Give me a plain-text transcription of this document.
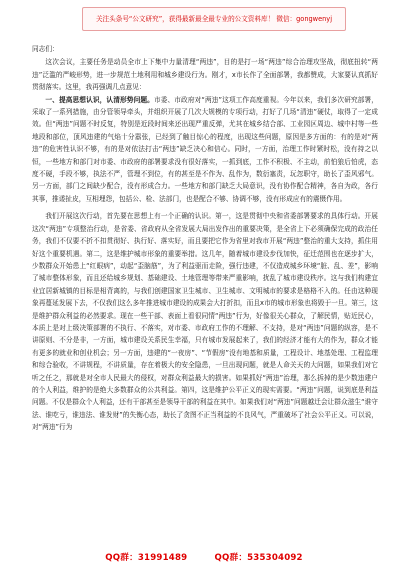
关注头条号“公文研究”，获得最新最全最专业的公文资料库！ 微信：gongwenyj

同志们：

这次会议，主要任务是动员全市上下集中力量清理“两违”，目的是打一场“两违”综合治理攻坚战，彻底扭转“两违”泛滥的严峻形势，进一步规范土地利用和城乡建设行为。刚才，x市长作了全面部署，我都赞成，大家要认真抓好贯彻落实。这里，我再强调几点意见：

一、提高思想认识，认清形势问题。市委、市政府对“两违”这项工作高度重视。今年以来，我们多次研究部署，采取了一系列措施，由分管领导牵头，并组织开展了几次大规模的专项行动，打好了几场“清违”硬仗，取得了一定成效。但“两违”问题不时反复，特别是近段时间来还出现严重反弹，尤其在城乡结合部、工业园区周边、城中村等一些地段和部位，顶风违建的气焰十分嚣张，已经到了触目惊心的程度，出现这些问题，原因是多方面的：有的是对“两违”的危害性认识不够，有的是对依法打击“两违”缺乏决心和信心。同时，一方面，治理工作时紧时松，没有持之以恒，一些地方和部门对市委、市政府的部署要求没有很好落实，一抓到底，工作不积极、不主动，前怕狼后怕虎，态度不硬，手段不够，执法不严，管理不到位，有的甚至是不作为、乱作为，数衍塞责，玩忽职守，助长了歪风邪气。另一方面，部门之间缺少配合，没有形成合力。一些地方和部门缺乏大局意识，没有协作配合精神，各自为政，各行其事，推诿扯皮，互相埋怨，包括公、检、法部门，也是配合不够、协调不够，没有形成应有的震慑作用。

我们开展这次行动，首先要在思想上有一个正确的认识。第一，这是贯彻中央和省委部署要求的具体行动。开展这次“两违”专项整治行动，是省委、省政府从全省发展大局出发作出的重要决策，是全省上下必须确保完成的政治任务，我们不仅要不折不扣贯彻好、执行好、落实好，而且要把它作为省里对我市开展“两违”整治的重大支持，抓住用好这个重要机遇。第二，这是维护城市形象的重要举措。这几年，随着城市建设步伐加快，征迁范围也在逐步扩大，少数群众开始患上“红眼病”，动起“歪脑筋”，为了利益驱而走险，强行违建，不仅造成城乡环境“脏、乱、差”，影响了城市整体形象，而且还给城乡规划、基础建设、土地管理等带来严重影响，扰乱了城市建设秩序。这与我们构建宜业宜居新城镇的目标是相背离的，与我们创建国家卫生城市、卫生城市、文明城市的要求是格格不入的。任由这种现象再蔓延发展下去，不仅我们这么多年推进城市建设的成果会大打折扣，而且x市的城市形象也将毁于一旦。第三，这是维护群众利益的必然要求。现在一些干部、表面上看很同情“两违”行为，好像很关心群众，了解民情，贴近民心，本质上是对上级决策部署的不执行、不落实，对市委、市政府工作的不理解、不支持，是对“两违”问题的纵容，是不讲原则、不分是非，一方面，城市建设关系民生幸福，只有城市发展起来了，我们的经济才能有大的作为，群众才能有更多的就业和创业机会；另一方面，违建的“一夜房”、“节假房”没有地基和质量，工程设计、地基处理、工程监理和综合验收，不讲规程，不讲质量，存在着极大的安全隐患，一旦出现问题，就是人命关天的大问题，如果我们对它听之任之，那就是对全市人民最大的侵权，对群众利益最大的损害。如果抓好“两违”治理，那么拆掉的是少数违建户的个人利益，维护的是绝大多数群众的公共利益。第四，这是维护公平正义的现实需要。“两违”问题，说到底是利益问题。不仅是群众个人利益，还有干部甚至是领导干部的利益在其中。如果我们对“两违”问题越迁会让群众滋生“谁守法、谁吃亏，谁违法、谁发财”的失衡心态，助长了贪图不正当利益的不良风气，严重破坏了社会公平正义。可以说，对“两违”行为

QQ群：31991489	QQ群：535304092
